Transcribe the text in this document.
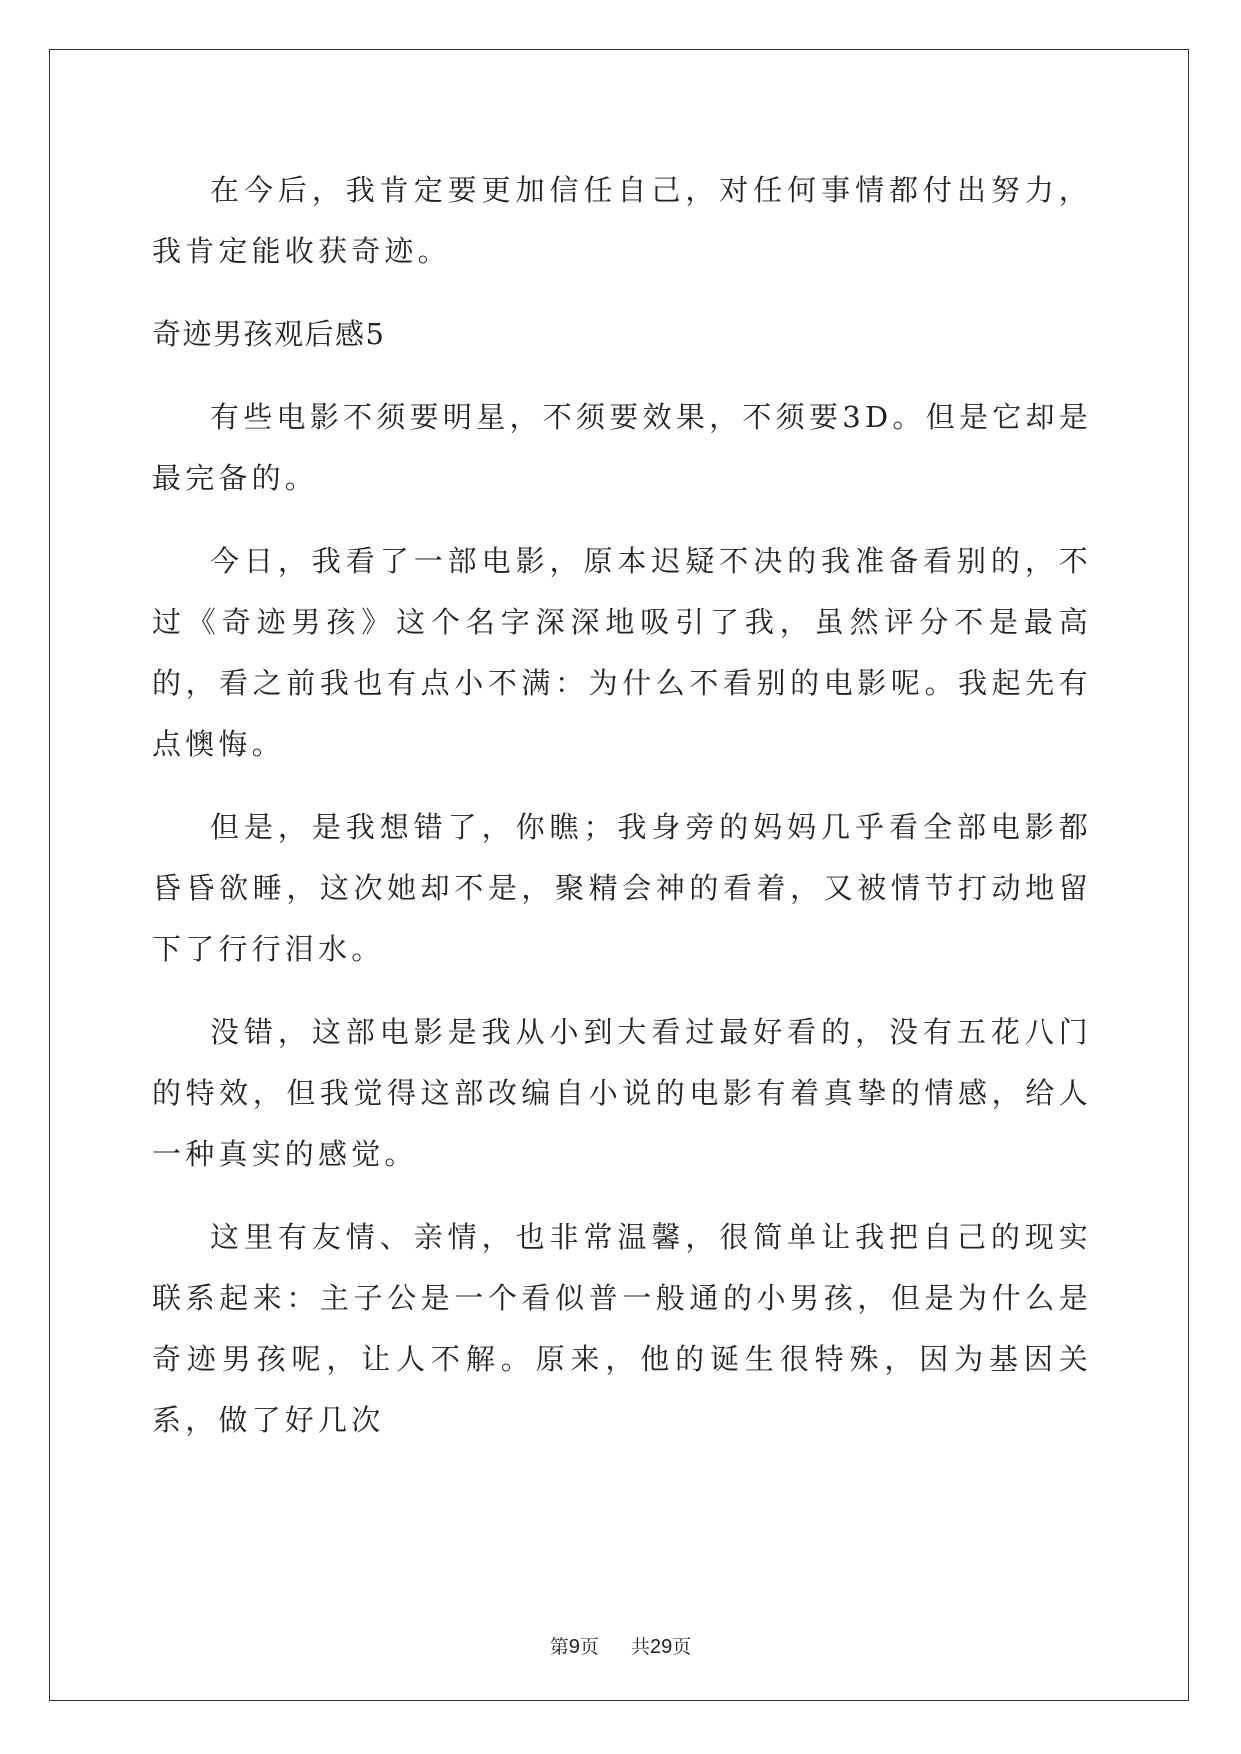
在今后，我肯定要更加信任自己，对任何事情都付出努力，我肯定能收获奇迹。

奇迹男孩观后感5

有些电影不须要明星，不须要效果，不须要3D。但是它却是最完备的。

今日，我看了一部电影，原本迟疑不决的我准备看别的，不过《奇迹男孩》这个名字深深地吸引了我，虽然评分不是最高的，看之前我也有点小不满：为什么不看别的电影呢。我起先有点懊悔。

但是，是我想错了，你瞧；我身旁的妈妈几乎看全部电影都昏昏欲睡，这次她却不是，聚精会神的看着，又被情节打动地留下了行行泪水。

没错，这部电影是我从小到大看过最好看的，没有五花八门的特效，但我觉得这部改编自小说的电影有着真挚的情感，给人一种真实的感觉。

这里有友情、亲情，也非常温馨，很简单让我把自己的现实联系起来：主子公是一个看似普一般通的小男孩，但是为什么是奇迹男孩呢，让人不解。原来，他的诞生很特殊，因为基因关系，做了好几次

第9页 共29页
